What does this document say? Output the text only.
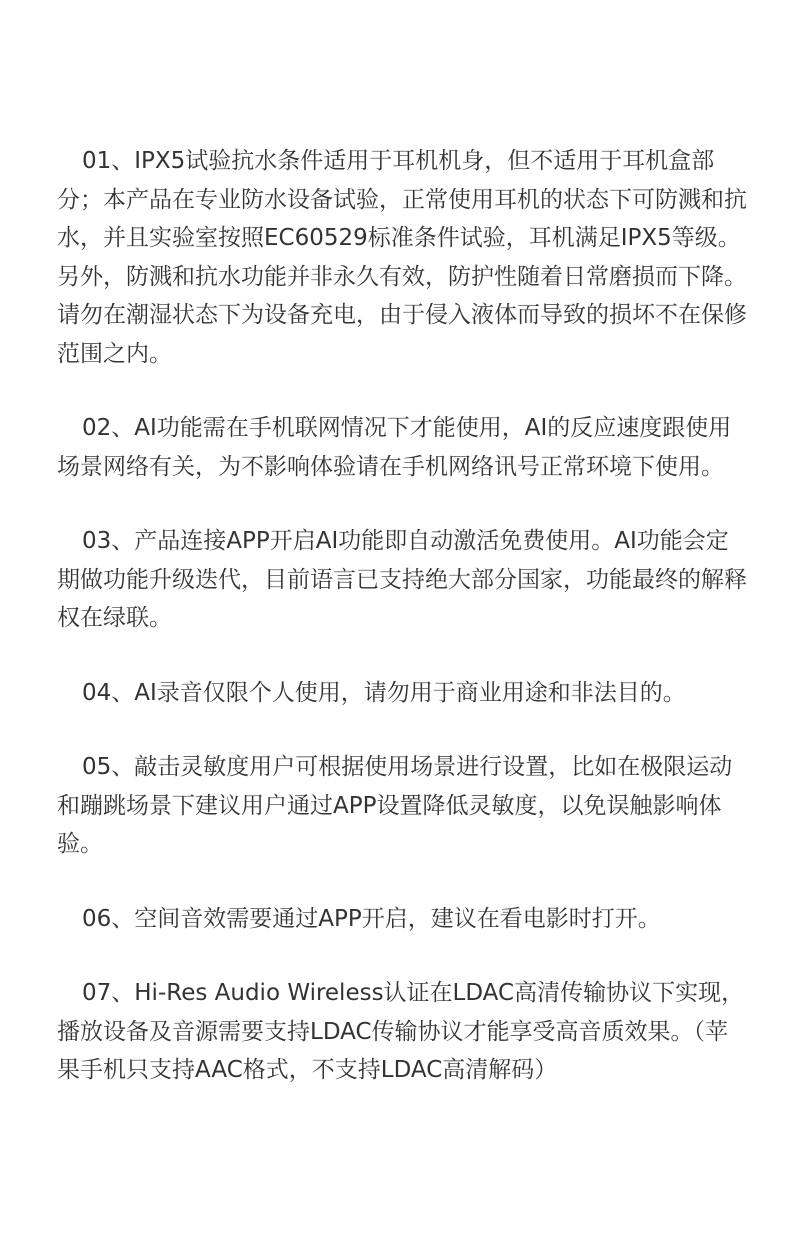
01、IPX5试验抗水条件适用于耳机机身，但不适用于耳机盒部分；本产品在专业防水设备试验，正常使用耳机的状态下可防溅和抗水，并且实验室按照EC60529标准条件试验，耳机满足IPX5等级。另外，防溅和抗水功能并非永久有效，防护性随着日常磨损而下降。请勿在潮湿状态下为设备充电，由于侵入液体而导致的损坏不在保修范围之内。

02、AI功能需在手机联网情况下才能使用，AI的反应速度跟使用场景网络有关，为不影响体验请在手机网络讯号正常环境下使用。

03、产品连接APP开启AI功能即自动激活免费使用。AI功能会定期做功能升级迭代，目前语言已支持绝大部分国家，功能最终的解释权在绿联。

04、AI录音仅限个人使用，请勿用于商业用途和非法目的。

05、敲击灵敏度用户可根据使用场景进行设置，比如在极限运动和蹦跳场景下建议用户通过APP设置降低灵敏度，以免误触影响体验。

06、空间音效需要通过APP开启，建议在看电影时打开。

07、Hi-Res Audio Wireless认证在LDAC高清传输协议下实现，播放设备及音源需要支持LDAC传输协议才能享受高音质效果。（苹果手机只支持AAC格式，不支持LDAC高清解码）
